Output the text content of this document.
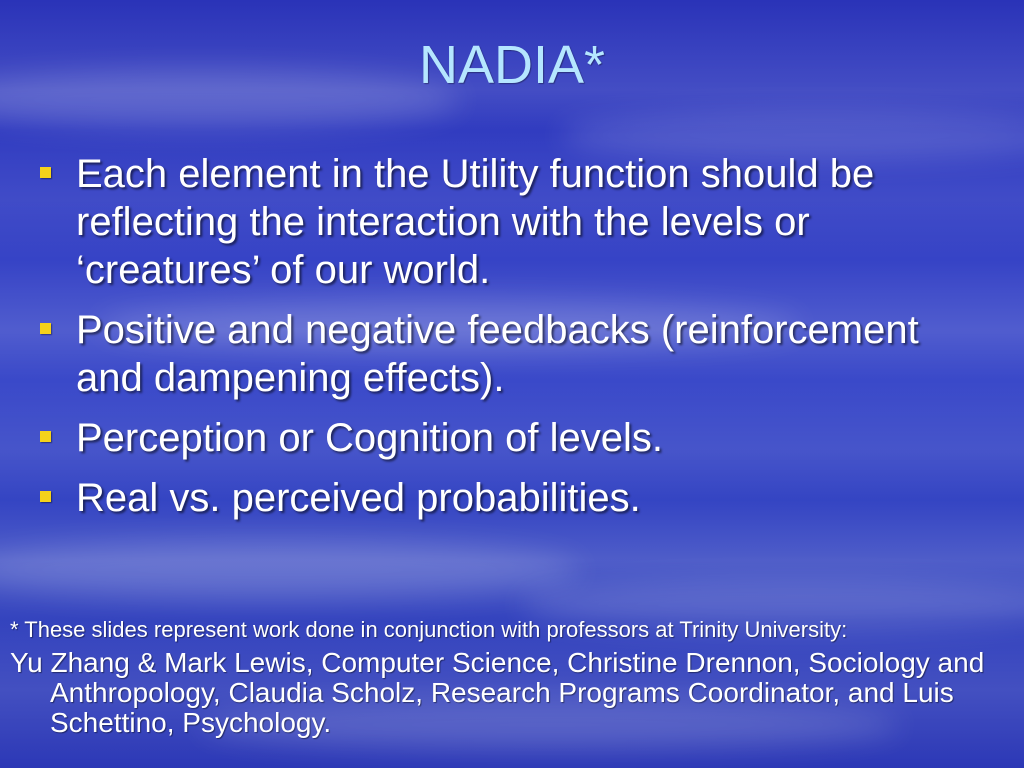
NADIA*
Each element in the Utility function should be reflecting the interaction with the levels or ‘creatures’ of our world.
Positive and negative feedbacks (reinforcement and dampening effects).
Perception or Cognition of levels.
Real vs. perceived probabilities.
* These slides represent work done in conjunction with professors at Trinity University:
Yu Zhang & Mark Lewis, Computer Science, Christine Drennon, Sociology and Anthropology, Claudia Scholz, Research Programs Coordinator, and Luis Schettino, Psychology.
